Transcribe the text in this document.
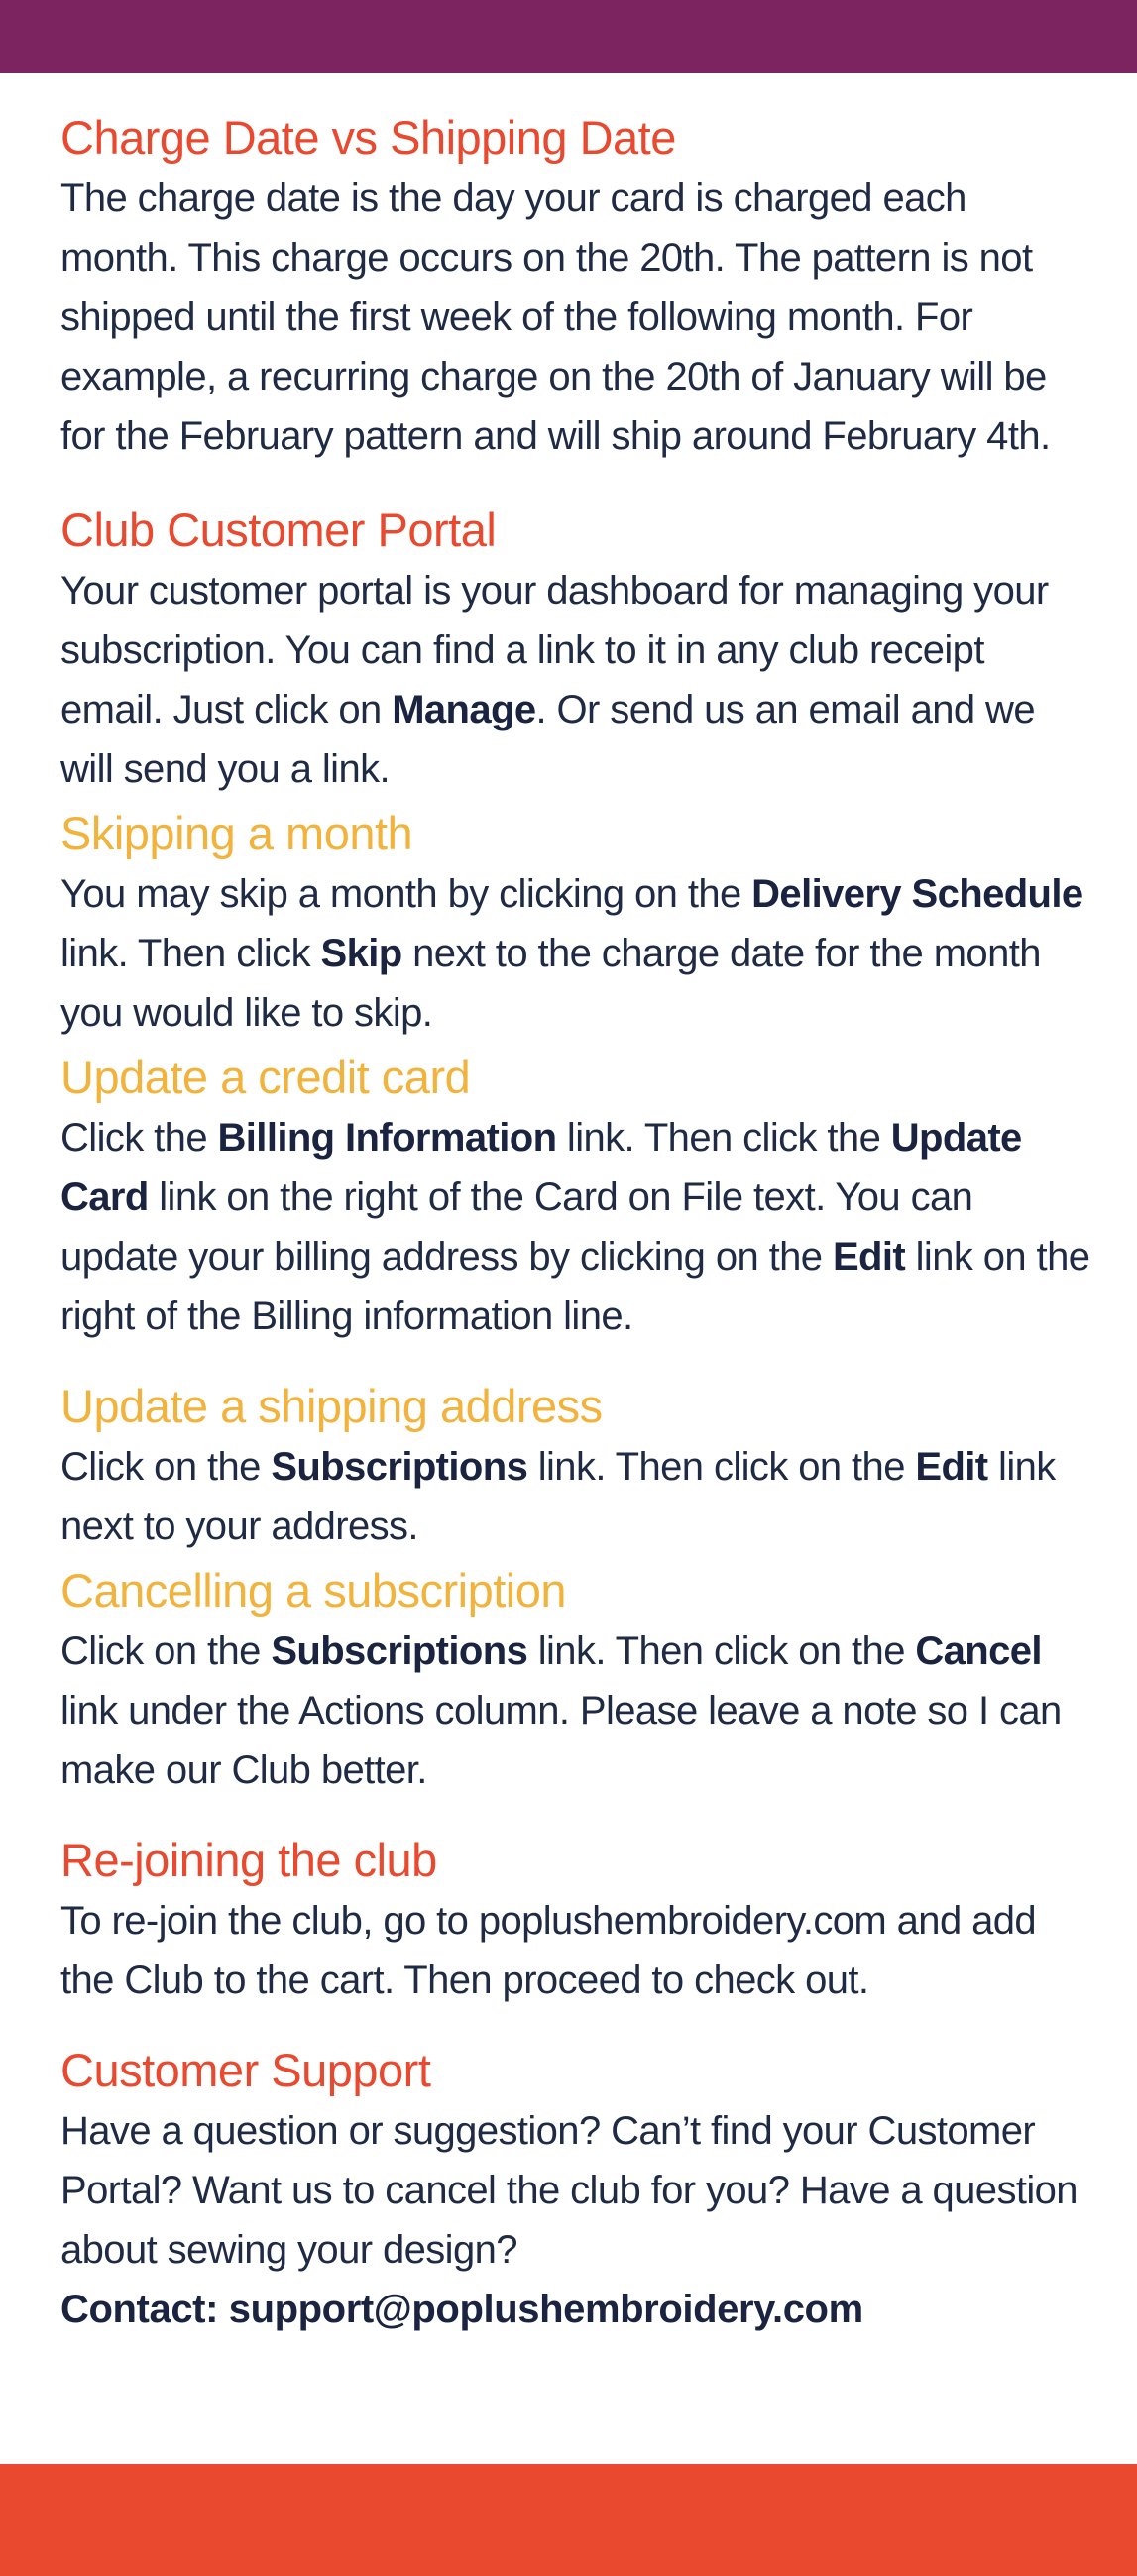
Charge Date vs Shipping Date

The charge date is the day your card is charged each month. This charge occurs on the 20th. The pattern is not shipped until the first week of the following month. For example, a recurring charge on the 20th of January will be for the February pattern and will ship around February 4th.

Club Customer Portal

Your customer portal is your dashboard for managing your subscription. You can find a link to it in any club receipt email. Just click on Manage. Or send us an email and we will send you a link.

Skipping a month

You may skip a month by clicking on the Delivery Schedule link. Then click Skip next to the charge date for the month you would like to skip.

Update a credit card

Click the Billing Information link. Then click the Update Card link on the right of the Card on File text. You can update your billing address by clicking on the Edit link on the right of the Billing information line.

Update a shipping address

Click on the Subscriptions link. Then click on the Edit link next to your address.

Cancelling a subscription

Click on the Subscriptions link. Then click on the Cancel link under the Actions column. Please leave a note so I can make our Club better.

Re-joining the club

To re-join the club, go to poplushembroidery.com and add the Club to the cart. Then proceed to check out.

Customer Support

Have a question or suggestion? Can’t find your Customer Portal? Want us to cancel the club for you? Have a question about sewing your design?

Contact: support@poplushembroidery.com
